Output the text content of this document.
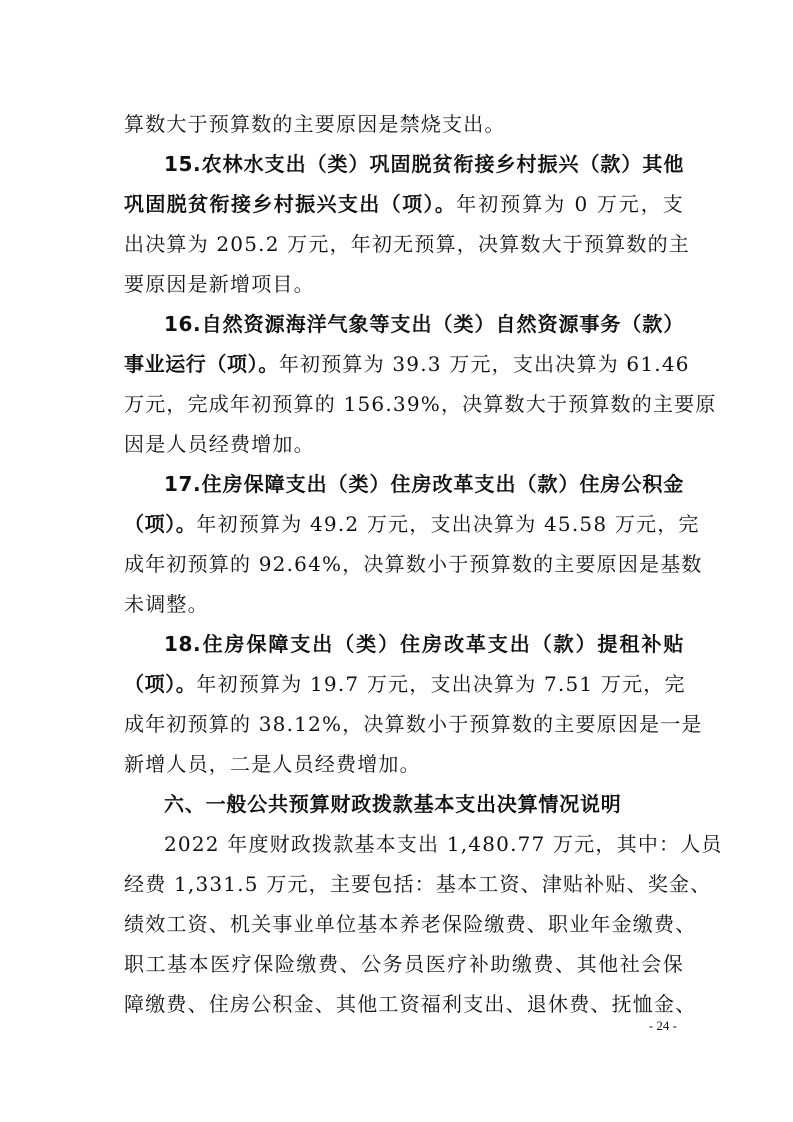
算数大于预算数的主要原因是禁烧支出。
15.农林水支出（类）巩固脱贫衔接乡村振兴（款）其他
巩固脱贫衔接乡村振兴支出（项）。年初预算为 0 万元，支
出决算为 205.2 万元，年初无预算，决算数大于预算数的主
要原因是新增项目。
16.自然资源海洋气象等支出（类）自然资源事务（款）
事业运行（项）。年初预算为 39.3 万元，支出决算为 61.46
万元，完成年初预算的 156.39%，决算数大于预算数的主要原
因是人员经费增加。
17.住房保障支出（类）住房改革支出（款）住房公积金
（项）。年初预算为 49.2 万元，支出决算为 45.58 万元，完
成年初预算的 92.64%，决算数小于预算数的主要原因是基数
未调整。
18.住房保障支出（类）住房改革支出（款）提租补贴
（项）。年初预算为 19.7 万元，支出决算为 7.51 万元，完
成年初预算的 38.12%，决算数小于预算数的主要原因是一是
新增人员，二是人员经费增加。
六、一般公共预算财政拨款基本支出决算情况说明
2022 年度财政拨款基本支出 1,480.77 万元，其中：人员
经费 1,331.5 万元，主要包括：基本工资、津贴补贴、奖金、
绩效工资、机关事业单位基本养老保险缴费、职业年金缴费、
职工基本医疗保险缴费、公务员医疗补助缴费、其他社会保
障缴费、住房公积金、其他工资福利支出、退休费、抚恤金、
- 24 -
